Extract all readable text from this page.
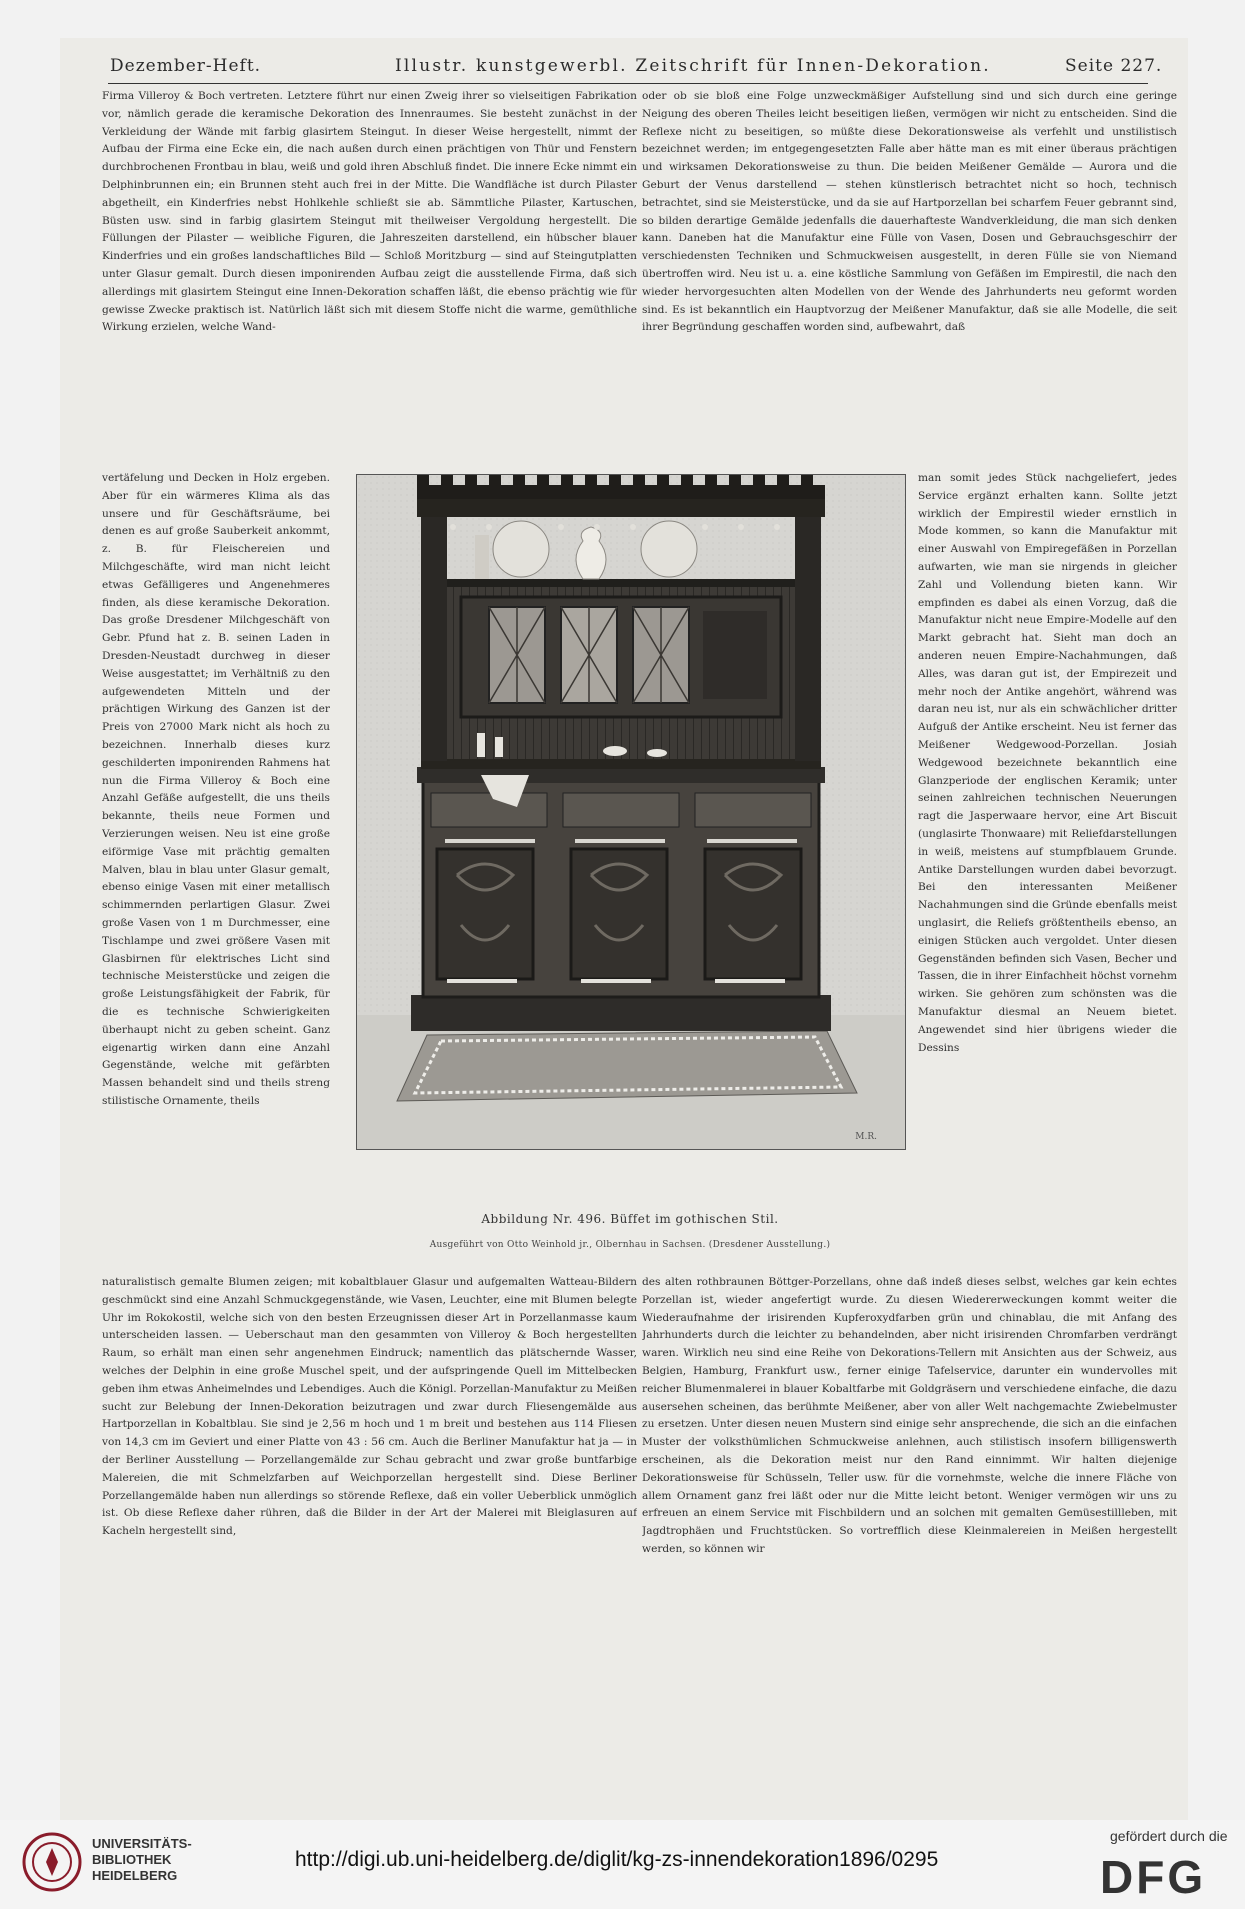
Dezember-Heft.	Illustr. kunstgewerbl. Zeitschrift für Innen-Dekoration.	Seite 227.

Firma Villeroy & Boch vertreten. Letztere führt nur einen Zweig ihrer so vielseitigen Fabrikation vor, nämlich gerade die keramische Dekoration des Innenraumes. Sie besteht zunächst in der Verkleidung der Wände mit farbig glasirtem Steingut. In dieser Weise hergestellt, nimmt der Aufbau der Firma eine Ecke ein, die nach außen durch einen prächtigen von Thür und Fenstern durchbrochenen Frontbau in blau, weiß und gold ihren Abschluß findet. Die innere Ecke nimmt ein Delphinbrunnen ein; ein Brunnen steht auch frei in der Mitte. Die Wandfläche ist durch Pilaster abgetheilt, ein Kinderfries nebst Hohlkehle schließt sie ab. Sämmtliche Pilaster, Kartuschen, Büsten usw. sind in farbig glasirtem Steingut mit theilweiser Vergoldung hergestellt. Die Füllungen der Pilaster — weibliche Figuren, die Jahreszeiten darstellend, ein hübscher blauer Kinderfries und ein großes landschaftliches Bild — Schloß Moritzburg — sind auf Steingutplatten unter Glasur gemalt. Durch diesen imponirenden Aufbau zeigt die ausstellende Firma, daß sich allerdings mit glasirtem Steingut eine Innen-Dekoration schaffen läßt, die ebenso prächtig wie für gewisse Zwecke praktisch ist. Natürlich läßt sich mit diesem Stoffe nicht die warme, gemüthliche Wirkung erzielen, welche Wand-

oder ob sie bloß eine Folge unzweckmäßiger Aufstellung sind und sich durch eine geringe Neigung des oberen Theiles leicht beseitigen ließen, vermögen wir nicht zu entscheiden. Sind die Reflexe nicht zu beseitigen, so müßte diese Dekorationsweise als verfehlt und unstilistisch bezeichnet werden; im entgegengesetzten Falle aber hätte man es mit einer überaus prächtigen und wirksamen Dekorationsweise zu thun. Die beiden Meißener Gemälde — Aurora und die Geburt der Venus darstellend — stehen künstlerisch betrachtet nicht so hoch, technisch betrachtet, sind sie Meisterstücke, und da sie auf Hartporzellan bei scharfem Feuer gebrannt sind, so bilden derartige Gemälde jedenfalls die dauerhafteste Wandverkleidung, die man sich denken kann. Daneben hat die Manufaktur eine Fülle von Vasen, Dosen und Gebrauchsgeschirr der verschiedensten Techniken und Schmuckweisen ausgestellt, in deren Fülle sie von Niemand übertroffen wird. Neu ist u. a. eine köstliche Sammlung von Gefäßen im Empirestil, die nach den wieder hervorgesuchten alten Modellen von der Wende des Jahrhunderts neu geformt worden sind. Es ist bekanntlich ein Hauptvorzug der Meißener Manufaktur, daß sie alle Modelle, die seit ihrer Begründung geschaffen worden sind, aufbewahrt, daß

vertäfelung und Decken in Holz ergeben. Aber für ein wärmeres Klima als das unsere und für Geschäftsräume, bei denen es auf große Sauberkeit ankommt, z. B. für Fleischereien und Milchgeschäfte, wird man nicht leicht etwas Gefälligeres und Angenehmeres finden, als diese keramische Dekoration. Das große Dresdener Milchgeschäft von Gebr. Pfund hat z. B. seinen Laden in Dresden-Neustadt durchweg in dieser Weise ausgestattet; im Verhältniß zu den aufgewendeten Mitteln und der prächtigen Wirkung des Ganzen ist der Preis von 27000 Mark nicht als hoch zu bezeichnen. Innerhalb dieses kurz geschilderten imponirenden Rahmens hat nun die Firma Villeroy & Boch eine Anzahl Gefäße aufgestellt, die uns theils bekannte, theils neue Formen und Verzierungen weisen. Neu ist eine große eiförmige Vase mit prächtig gemalten Malven, blau in blau unter Glasur gemalt, ebenso einige Vasen mit einer metallisch schimmernden perlartigen Glasur. Zwei große Vasen von 1 m Durchmesser, eine Tischlampe und zwei größere Vasen mit Glasbirnen für elektrisches Licht sind technische Meisterstücke und zeigen die große Leistungsfähigkeit der Fabrik, für die es technische Schwierigkeiten überhaupt nicht zu geben scheint. Ganz eigenartig wirken dann eine Anzahl Gegenstände, welche mit gefärbten Massen behandelt sind und theils streng stilistische Ornamente, theils

man somit jedes Stück nachgeliefert, jedes Service ergänzt erhalten kann. Sollte jetzt wirklich der Empirestil wieder ernstlich in Mode kommen, so kann die Manufaktur mit einer Auswahl von Empiregefäßen in Porzellan aufwarten, wie man sie nirgends in gleicher Zahl und Vollendung bieten kann. Wir empfinden es dabei als einen Vorzug, daß die Manufaktur nicht neue Empire-Modelle auf den Markt gebracht hat. Sieht man doch an anderen neuen Empire-Nachahmungen, daß Alles, was daran gut ist, der Empirezeit und mehr noch der Antike angehört, während was daran neu ist, nur als ein schwächlicher dritter Aufguß der Antike erscheint. Neu ist ferner das Meißener Wedgewood-Porzellan. Josiah Wedgewood bezeichnete bekanntlich eine Glanzperiode der englischen Keramik; unter seinen zahlreichen technischen Neuerungen ragt die Jasperwaare hervor, eine Art Biscuit (unglasirte Thonwaare) mit Reliefdarstellungen in weiß, meistens auf stumpfblauem Grunde. Antike Darstellungen wurden dabei bevorzugt. Bei den interessanten Meißener Nachahmungen sind die Gründe ebenfalls meist unglasirt, die Reliefs größtentheils ebenso, an einigen Stücken auch vergoldet. Unter diesen Gegenständen befinden sich Vasen, Becher und Tassen, die in ihrer Einfachheit höchst vornehm wirken. Sie gehören zum schönsten was die Manufaktur diesmal an Neuem bietet. Angewendet sind hier übrigens wieder die Dessins

M.R.
Abbildung Nr. 496. Büffet im gothischen Stil.
Ausgeführt von Otto Weinhold jr., Olbernhau in Sachsen. (Dresdener Ausstellung.)

naturalistisch gemalte Blumen zeigen; mit kobaltblauer Glasur und aufgemalten Watteau-Bildern geschmückt sind eine Anzahl Schmuckgegenstände, wie Vasen, Leuchter, eine mit Blumen belegte Uhr im Rokokostil, welche sich von den besten Erzeugnissen dieser Art in Porzellanmasse kaum unterscheiden lassen. — Ueberschaut man den gesammten von Villeroy & Boch hergestellten Raum, so erhält man einen sehr angenehmen Eindruck; namentlich das plätschernde Wasser, welches der Delphin in eine große Muschel speit, und der aufspringende Quell im Mittelbecken geben ihm etwas Anheimelndes und Lebendiges. Auch die Königl. Porzellan-Manufaktur zu Meißen sucht zur Belebung der Innen-Dekoration beizutragen und zwar durch Fliesengemälde aus Hartporzellan in Kobaltblau. Sie sind je 2,56 m hoch und 1 m breit und bestehen aus 114 Fliesen von 14,3 cm im Geviert und einer Platte von 43 : 56 cm. Auch die Berliner Manufaktur hat ja — in der Berliner Ausstellung — Porzellangemälde zur Schau gebracht und zwar große buntfarbige Malereien, die mit Schmelzfarben auf Weichporzellan hergestellt sind. Diese Berliner Porzellangemälde haben nun allerdings so störende Reflexe, daß ein voller Ueberblick unmöglich ist. Ob diese Reflexe daher rühren, daß die Bilder in der Art der Malerei mit Bleiglasuren auf Kacheln hergestellt sind,

des alten rothbraunen Böttger-Porzellans, ohne daß indeß dieses selbst, welches gar kein echtes Porzellan ist, wieder angefertigt wurde. Zu diesen Wiedererweckungen kommt weiter die Wiederaufnahme der irisirenden Kupferoxydfarben grün und chinablau, die mit Anfang des Jahrhunderts durch die leichter zu behandelnden, aber nicht irisirenden Chromfarben verdrängt waren. Wirklich neu sind eine Reihe von Dekorations-Tellern mit Ansichten aus der Schweiz, aus Belgien, Hamburg, Frankfurt usw., ferner einige Tafelservice, darunter ein wundervolles mit reicher Blumenmalerei in blauer Kobaltfarbe mit Goldgräsern und verschiedene einfache, die dazu ausersehen scheinen, das berühmte Meißener, aber von aller Welt nachgemachte Zwiebelmuster zu ersetzen. Unter diesen neuen Mustern sind einige sehr ansprechende, die sich an die einfachen Muster der volksthümlichen Schmuckweise anlehnen, auch stilistisch insofern billigenswerth erscheinen, als die Dekoration meist nur den Rand einnimmt. Wir halten diejenige Dekorationsweise für Schüsseln, Teller usw. für die vornehmste, welche die innere Fläche von allem Ornament ganz frei läßt oder nur die Mitte leicht betont. Weniger vermögen wir uns zu erfreuen an einem Service mit Fischbildern und an solchen mit gemalten Gemüsestillleben, mit Jagdtrophäen und Fruchtstücken. So vortrefflich diese Kleinmalereien in Meißen hergestellt werden, so können wir

UNIVERSITÄTS-
BIBLIOTHEK
HEIDELBERG
http://digi.ub.uni-heidelberg.de/diglit/kg-zs-innendekoration1896/0295
gefördert durch die
DFG
